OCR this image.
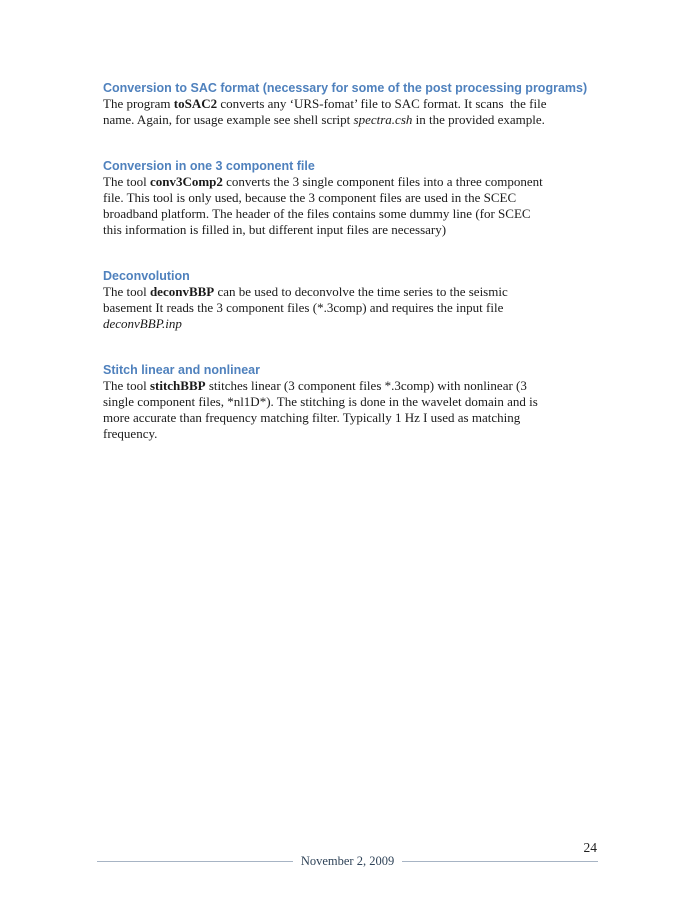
Conversion to SAC format (necessary for some of the post processing programs)

The program toSAC2 converts any ‘URS-fomat’ file to SAC format. It scans  the file
name. Again, for usage example see shell script spectra.csh in the provided example.

Conversion in one 3 component file

The tool conv3Comp2 converts the 3 single component files into a three component
file. This tool is only used, because the 3 component files are used in the SCEC
broadband platform. The header of the files contains some dummy line (for SCEC
this information is filled in, but different input files are necessary)

Deconvolution

The tool deconvBBP can be used to deconvolve the time series to the seismic
basement It reads the 3 component files (*.3comp) and requires the input file
deconvBBP.inp

Stitch linear and nonlinear

The tool stitchBBP stitches linear (3 component files *.3comp) with nonlinear (3
single component files, *nl1D*). The stitching is done in the wavelet domain and is
more accurate than frequency matching filter. Typically 1 Hz I used as matching
frequency.
24
November 2, 2009
